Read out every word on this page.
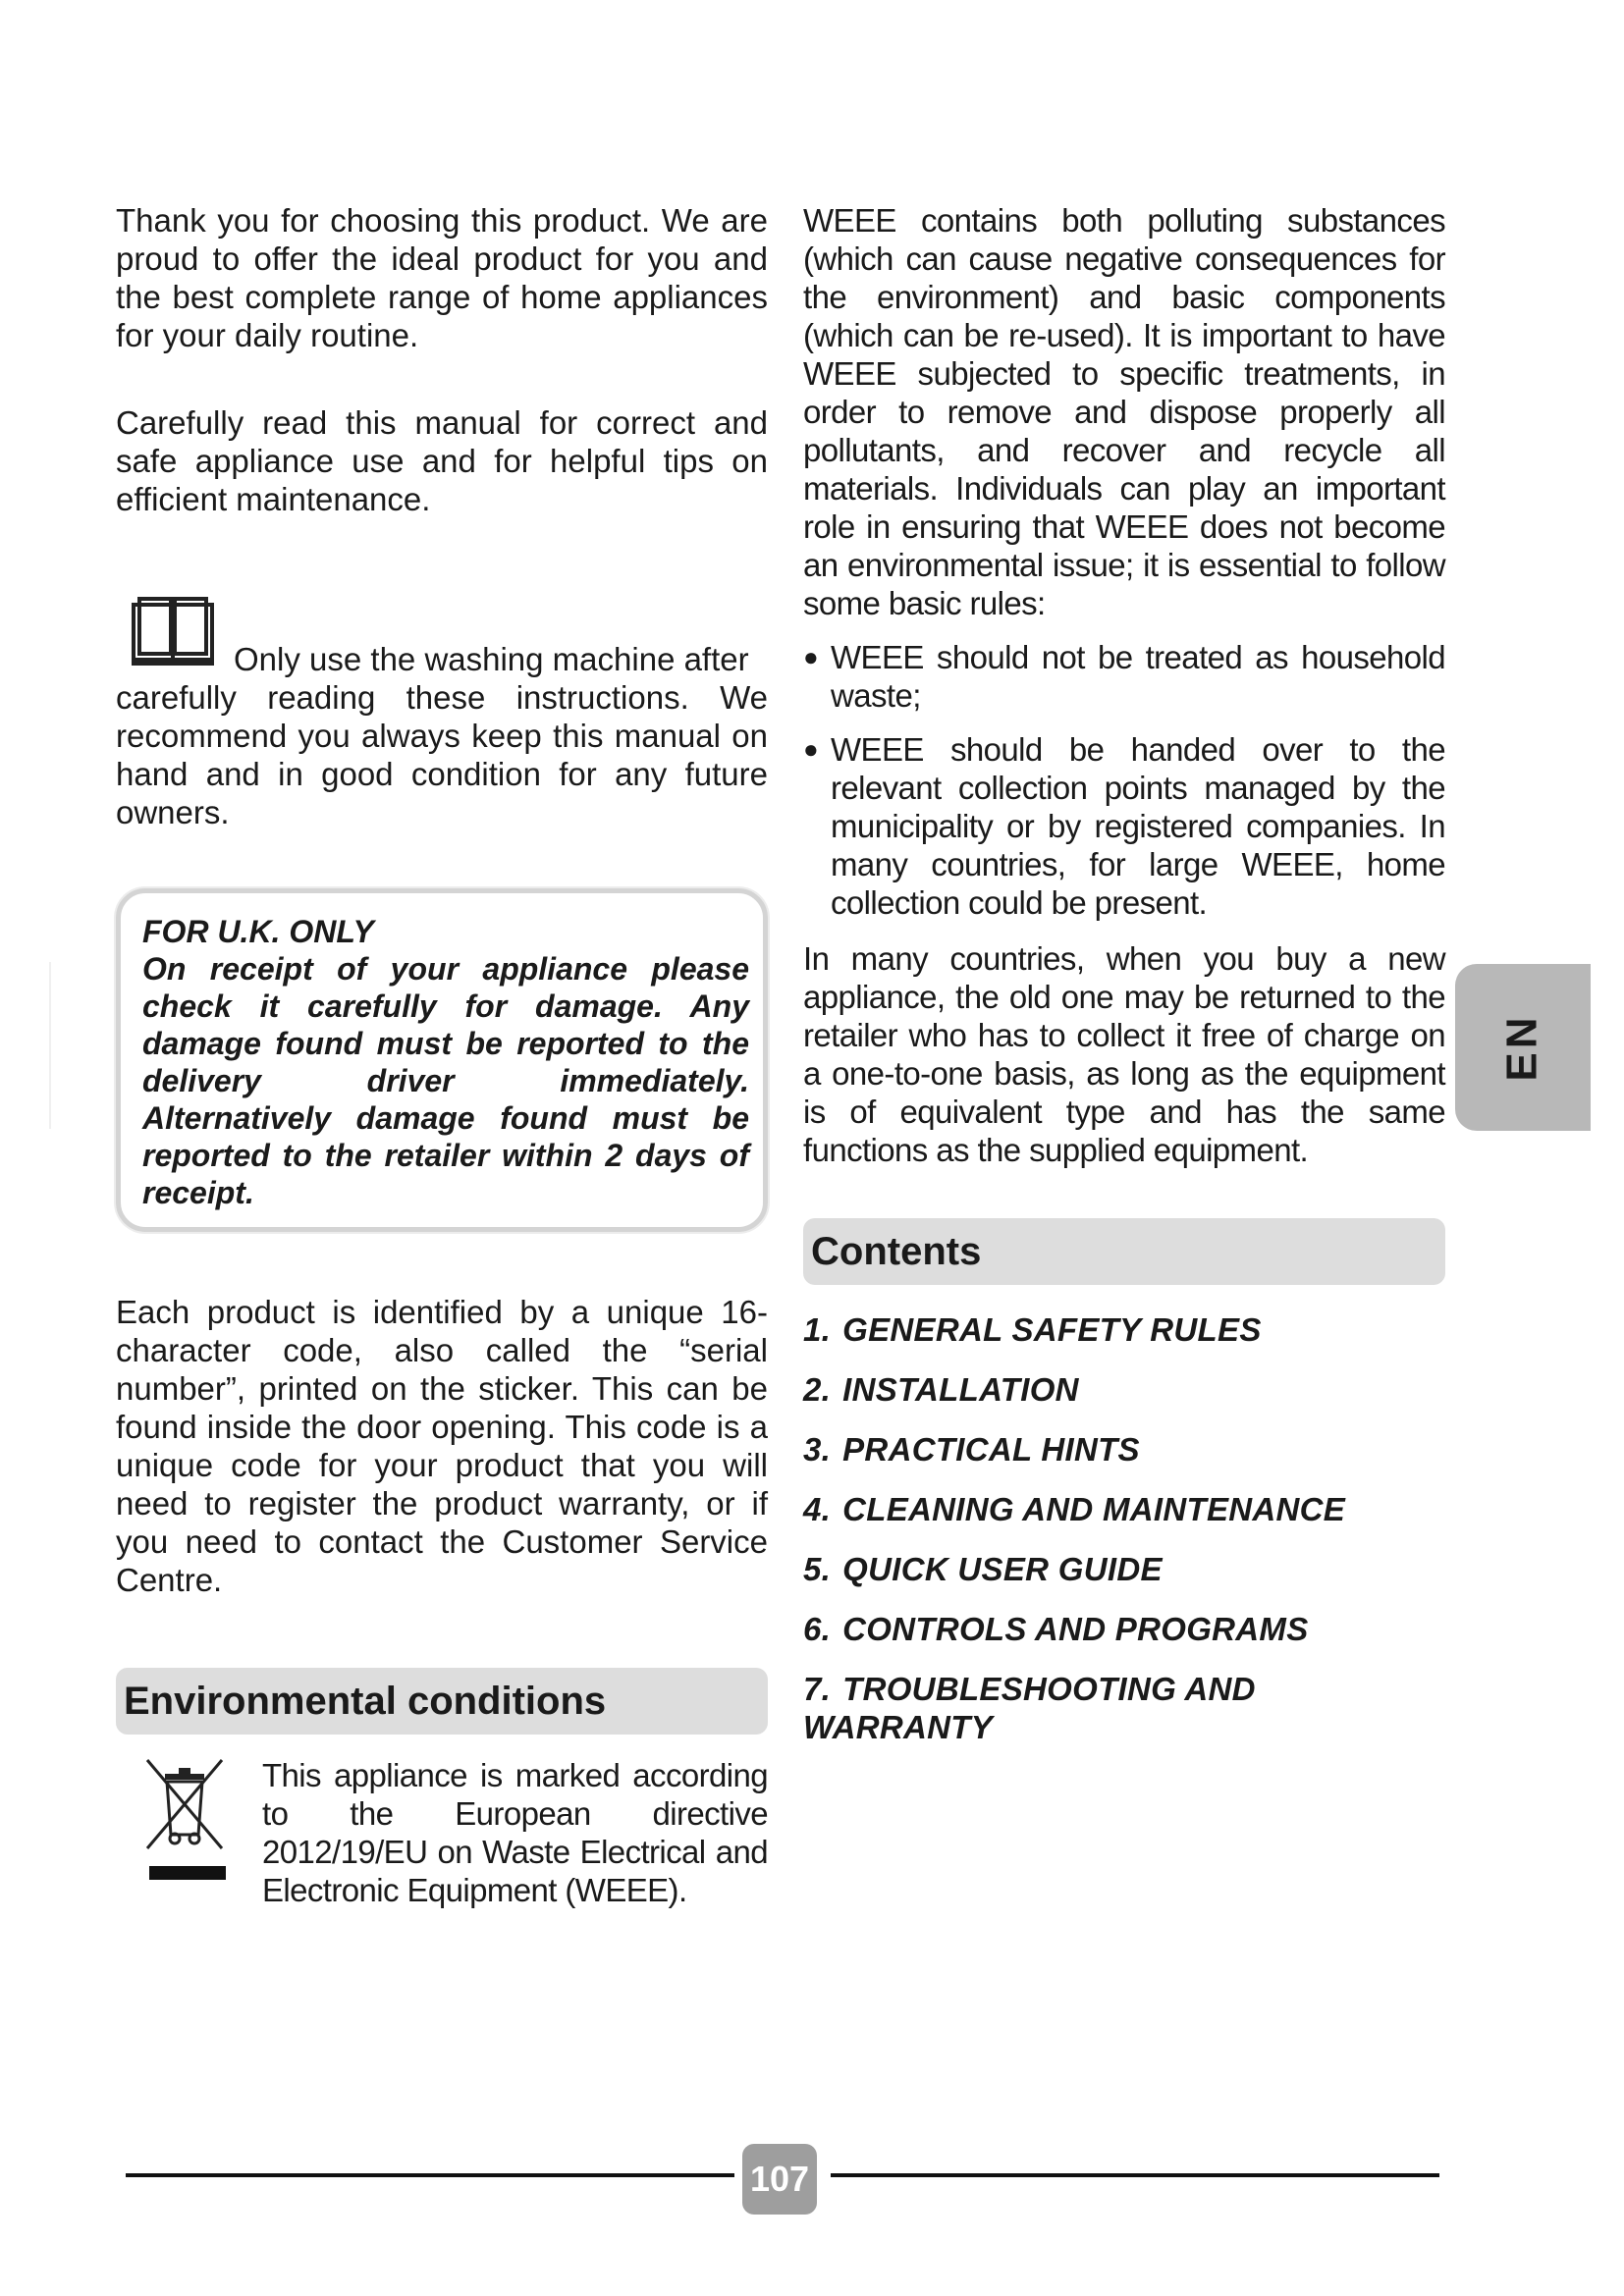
Thank you for choosing this product. We are proud to offer the ideal product for you and the best complete range of home appliances for your daily routine.

Carefully read this manual for correct and safe appliance use and for helpful tips on efficient maintenance.

Only use the washing machine after
carefully reading these instructions. We recommend you always keep this manual on hand and in good condition for any future owners.

FOR U.K. ONLY

On receipt of your appliance please check it carefully for damage. Any damage found must be reported to the delivery driver immediately. Alternatively damage found must be reported to the retailer within 2 days of receipt.

Each product is identified by a unique 16-character code, also called the “serial number”, printed on the sticker. This can be found inside the door opening. This code is a unique code for your product that you will need to register the product warranty, or if you need to contact the Customer Service Centre.

Environmental conditions

This appliance is marked according to the European directive 2012/19/EU on Waste Electrical and Electronic Equipment (WEEE).

WEEE contains both polluting substances (which can cause negative consequences for the environment) and basic components (which can be re-used). It is important to have WEEE subjected to specific treatments, in order to remove and dispose properly all pollutants, and recover and recycle all materials. Individuals can play an important role in ensuring that WEEE does not become an environmental issue; it is essential to follow some basic rules:

● WEEE should not be treated as household waste;

● WEEE should be handed over to the relevant collection points managed by the municipality or by registered companies. In many countries, for large WEEE, home collection could be present.

In many countries, when you buy a new appliance, the old one may be returned to the retailer who has to collect it free of charge on a one-to-one basis, as long as the equipment is of equivalent type and has the same functions as the supplied equipment.

Contents
1. GENERAL SAFETY RULES
2. INSTALLATION
3. PRACTICAL HINTS
4. CLEANING AND MAINTENANCE
5. QUICK USER GUIDE
6. CONTROLS AND PROGRAMS
7. TROUBLESHOOTING AND WARRANTY
EN
107
